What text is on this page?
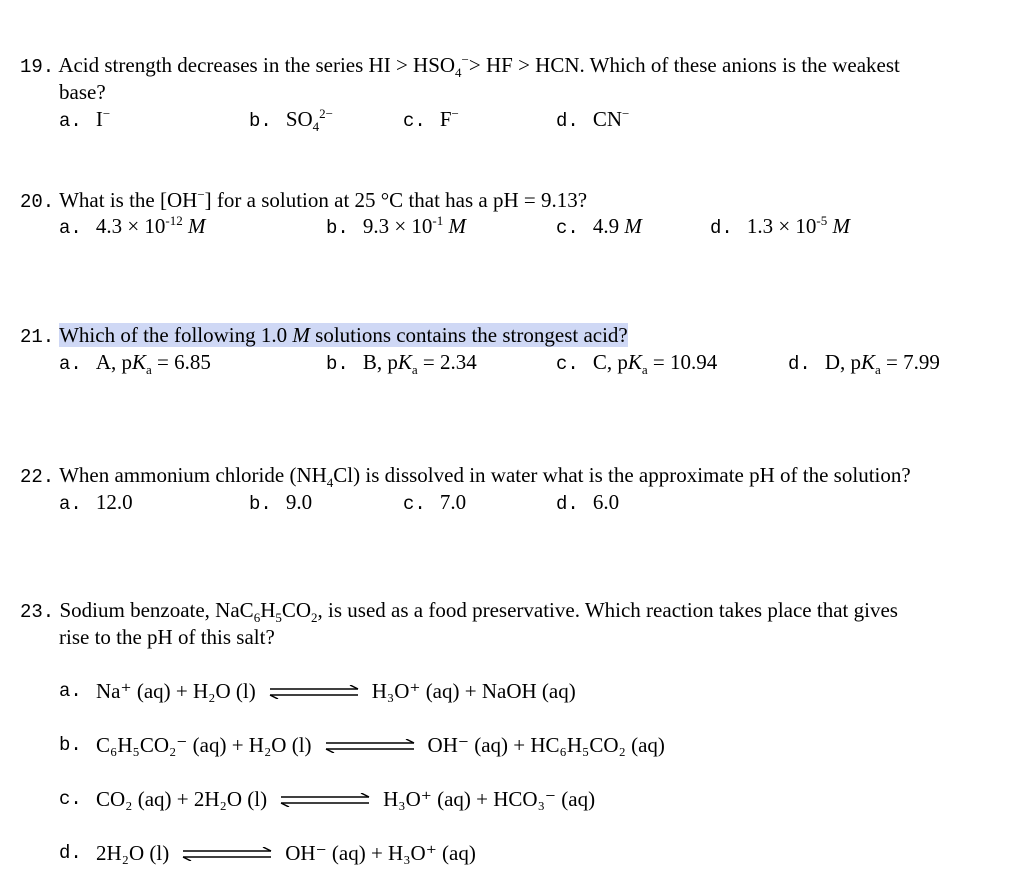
19. Acid strength decreases in the series HI > $HSO_4^->$ HF > HCN. Which of these anions is the weakest
base?
a. I−	b. $SO_4^{2-}$	c. F−	d. CN−
20. What is the [OH−] for a solution at 25 °C that has a pH = 9.13?
a. $4.3 \times 10^{-12}$ M	b. $9.3 \times 10^{-1}$ M	c. 4.9 M	d. $1.3 \times 10^{-5}$ M
21. Which of the following 1.0 M solutions contains the strongest acid?
a. A, $pK_a = 6.85$	b. B, $pK_a = 2.34$	c. C, $pK_a = 10.94$	d. D, $pK_a = 7.99$
22. When ammonium chloride $(NH_4Cl)$ is dissolved in water what is the approximate pH of the solution?
a. 12.0	b. 9.0	c. 7.0	d. 6.0
23. Sodium benzoate, $NaC_6H_5CO_2$, is used as a food preservative. Which reaction takes place that gives
rise to the pH of this salt?
a. Na⁺ (aq) + H₂O (l)	H₃O⁺ (aq) + NaOH (aq)
b. C₆H₅CO₂⁻ (aq) + H₂O (l)	OH⁻ (aq) + HC₆H₅CO₂ (aq)
c. CO₂ (aq) + 2H₂O (l)	H₃O⁺ (aq) + HCO₃⁻ (aq)
d. 2H₂O (l)	OH⁻ (aq) + H₃O⁺ (aq)
